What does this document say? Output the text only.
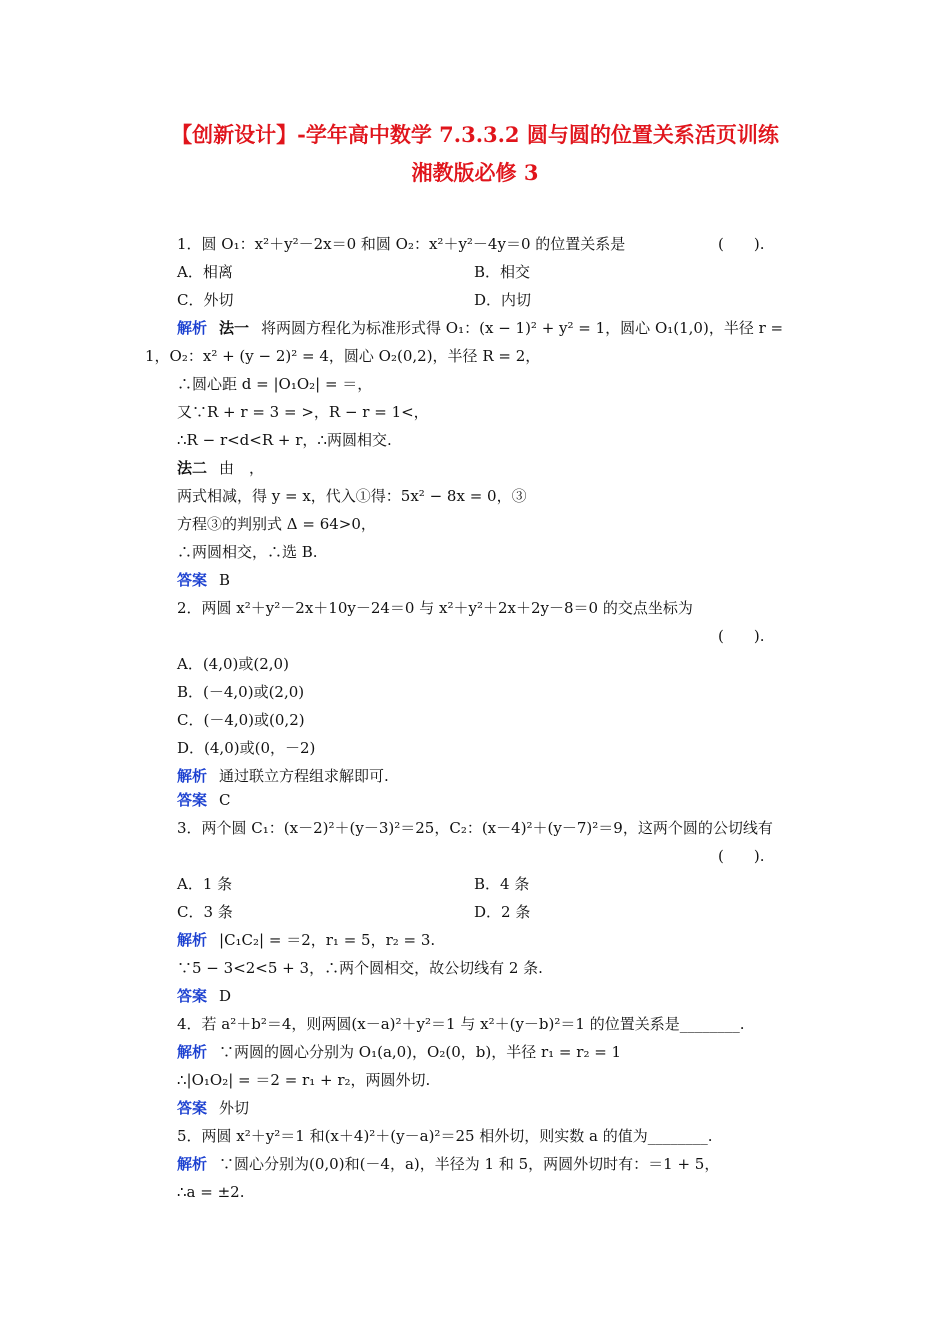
【创新设计】-学年高中数学 7.3.3.2 圆与圆的位置关系活页训练
湘教版必修 3
1．圆 O₁：x²＋y²－2x＝0 和圆 O₂：x²＋y²－4y＝0 的位置关系是	(　　).
A．相离	B．相交
C．外切	D．内切
解析 法一 将两圆方程化为标准形式得 O₁：(x − 1)² + y² = 1，圆心 O₁(1,0)，半径 r =
1，O₂：x² + (y − 2)² = 4，圆心 O₂(0,2)，半径 R = 2，
∴圆心距 d = |O₁O₂| = ＝，
又∵R + r = 3 = >，R − r = 1<，
∴R − r<d<R + r，∴两圆相交.
法二 由　，
两式相减，得 y = x，代入①得：5x² − 8x = 0，③
方程③的判别式 Δ = 64>0，
∴两圆相交，∴选 B.
答案 B
2．两圆 x²＋y²－2x＋10y－24＝0 与 x²＋y²＋2x＋2y－8＝0 的交点坐标为
(　　).
A．(4,0)或(2,0)
B．(－4,0)或(2,0)
C．(－4,0)或(0,2)
D．(4,0)或(0，－2)
解析 通过联立方程组求解即可.
答案 C
3．两个圆 C₁：(x－2)²＋(y－3)²＝25，C₂：(x－4)²＋(y－7)²＝9，这两个圆的公切线有
(　　).
A．1 条	B．4 条
C．3 条	D．2 条
解析 |C₁C₂| = ＝2，r₁ = 5，r₂ = 3.
∵5 − 3<2<5 + 3，∴两个圆相交，故公切线有 2 条.
答案 D
4．若 a²＋b²＝4，则两圆(x－a)²＋y²＝1 与 x²＋(y－b)²＝1 的位置关系是________.
解析 ∵两圆的圆心分别为 O₁(a,0)，O₂(0，b)，半径 r₁ = r₂ = 1
∴|O₁O₂| = ＝2 = r₁ + r₂，两圆外切.
答案 外切
5．两圆 x²＋y²＝1 和(x＋4)²＋(y－a)²＝25 相外切，则实数 a 的值为________.
解析 ∵圆心分别为(0,0)和(－4，a)，半径为 1 和 5，两圆外切时有：＝1 + 5，
∴a = ±2.
